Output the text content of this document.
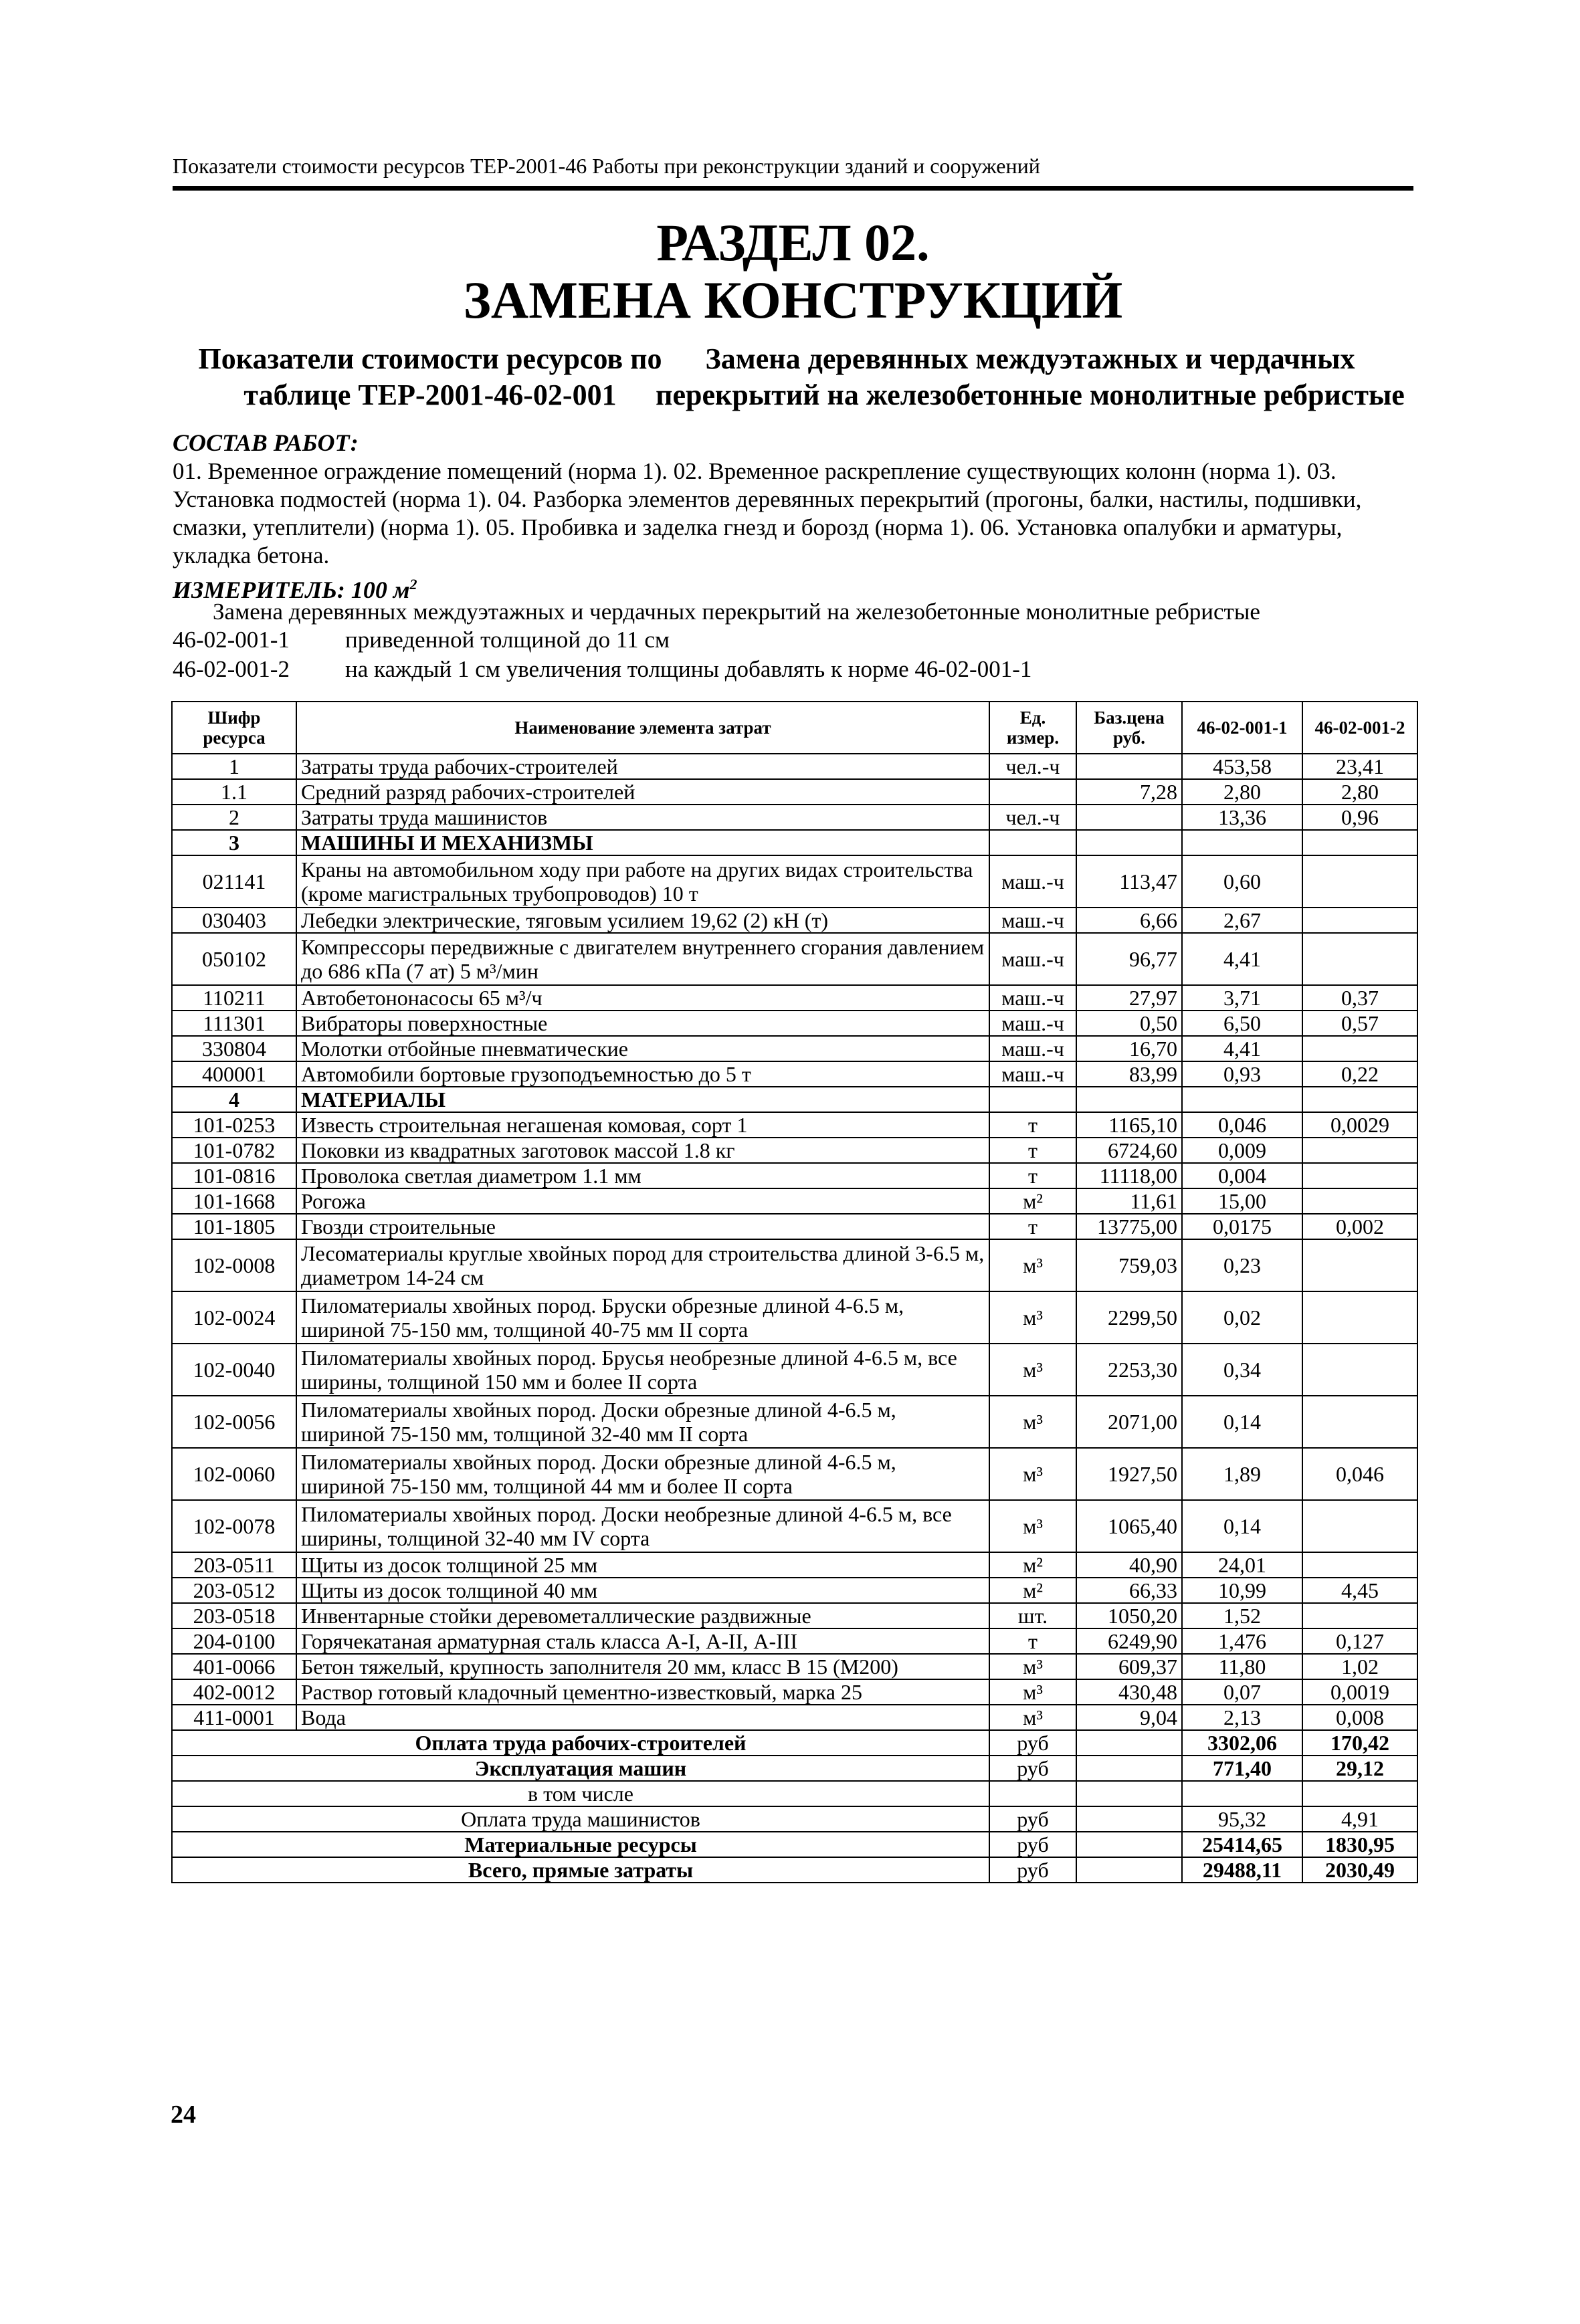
Показатели стоимости ресурсов ТЕР-2001-46 Работы при реконструкции зданий и сооружений
РАЗДЕЛ 02.
ЗАМЕНА КОНСТРУКЦИЙ
Показатели стоимости ресурсов по
таблице ТЕР-2001-46-02-001
Замена деревянных междуэтажных и чердачных
перекрытий на железобетонные монолитные ребристые
СОСТАВ РАБОТ:
01. Временное ограждение помещений (норма 1). 02. Временное раскрепление существующих колонн (норма 1). 03. Установка подмостей (норма 1). 04. Разборка элементов деревянных перекрытий (прогоны, балки, настилы, подшивки, смазки, утеплители) (норма 1). 05. Пробивка и заделка гнезд и борозд (норма 1). 06. Установка опалубки и арматуры, укладка бетона.
ИЗМЕРИТЕЛЬ: 100 $м^2$
Замена деревянных междуэтажных и чердачных перекрытий на железобетонные монолитные ребристые
46-02-001-1 приведенной толщиной до 11 см
46-02-001-2 на каждый 1 см увеличения толщины добавлять к норме 46-02-001-1
Шифр ресурса	Наименование элемента затрат	Ед. измер.	Баз.цена руб.	46-02-001-1	46-02-001-2
1	Затраты труда рабочих-строителей	чел.-ч		453,58	23,41
1.1	Средний разряд рабочих-строителей		7,28	2,80	2,80
2	Затраты труда машинистов	чел.-ч		13,36	0,96
3	МАШИНЫ И МЕХАНИЗМЫ				
021141	Краны на автомобильном ходу при работе на других видах строительства (кроме магистральных трубопроводов) 10 т	маш.-ч	113,47	0,60	
030403	Лебедки электрические, тяговым усилием 19,62 (2) кН (т)	маш.-ч	6,66	2,67	
050102	Компрессоры передвижные с двигателем внутреннего сгорания давлением до 686 кПа (7 ат) 5 м³/мин	маш.-ч	96,77	4,41	
110211	Автобетононасосы 65 м³/ч	маш.-ч	27,97	3,71	0,37
111301	Вибраторы поверхностные	маш.-ч	0,50	6,50	0,57
330804	Молотки отбойные пневматические	маш.-ч	16,70	4,41	
400001	Автомобили бортовые грузоподъемностью до 5 т	маш.-ч	83,99	0,93	0,22
4	МАТЕРИАЛЫ				
101-0253	Известь строительная негашеная комовая, сорт 1	т	1165,10	0,046	0,0029
101-0782	Поковки из квадратных заготовок массой 1.8 кг	т	6724,60	0,009	
101-0816	Проволока светлая диаметром 1.1 мм	т	11118,00	0,004	
101-1668	Рогожа	м²	11,61	15,00	
101-1805	Гвозди строительные	т	13775,00	0,0175	0,002
102-0008	Лесоматериалы круглые хвойных пород для строительства длиной 3-6.5 м, диаметром 14-24 см	м³	759,03	0,23	
102-0024	Пиломатериалы хвойных пород. Бруски обрезные длиной 4-6.5 м, шириной 75-150 мм, толщиной 40-75 мм II сорта	м³	2299,50	0,02	
102-0040	Пиломатериалы хвойных пород. Брусья необрезные длиной 4-6.5 м, все ширины, толщиной 150 мм и более II сорта	м³	2253,30	0,34	
102-0056	Пиломатериалы хвойных пород. Доски обрезные длиной 4-6.5 м, шириной 75-150 мм, толщиной 32-40 мм II сорта	м³	2071,00	0,14	
102-0060	Пиломатериалы хвойных пород. Доски обрезные длиной 4-6.5 м, шириной 75-150 мм, толщиной 44 мм и более II сорта	м³	1927,50	1,89	0,046
102-0078	Пиломатериалы хвойных пород. Доски необрезные длиной 4-6.5 м, все ширины, толщиной 32-40 мм IV сорта	м³	1065,40	0,14	
203-0511	Щиты из досок толщиной 25 мм	м²	40,90	24,01	
203-0512	Щиты из досок толщиной 40 мм	м²	66,33	10,99	4,45
203-0518	Инвентарные стойки деревометаллические раздвижные	шт.	1050,20	1,52	
204-0100	Горячекатаная арматурная сталь класса А-I, А-II, А-III	т	6249,90	1,476	0,127
401-0066	Бетон тяжелый, крупность заполнителя 20 мм, класс В 15 (М200)	м³	609,37	11,80	1,02
402-0012	Раствор готовый кладочный цементно-известковый, марка 25	м³	430,48	0,07	0,0019
411-0001	Вода	м³	9,04	2,13	0,008
Оплата труда рабочих-строителей		руб		3302,06	170,42
Эксплуатация машин		руб		771,40	29,12
в том числе					
Оплата труда машинистов		руб		95,32	4,91
Материальные ресурсы		руб		25414,65	1830,95
Всего, прямые затраты		руб		29488,11	2030,49
24
